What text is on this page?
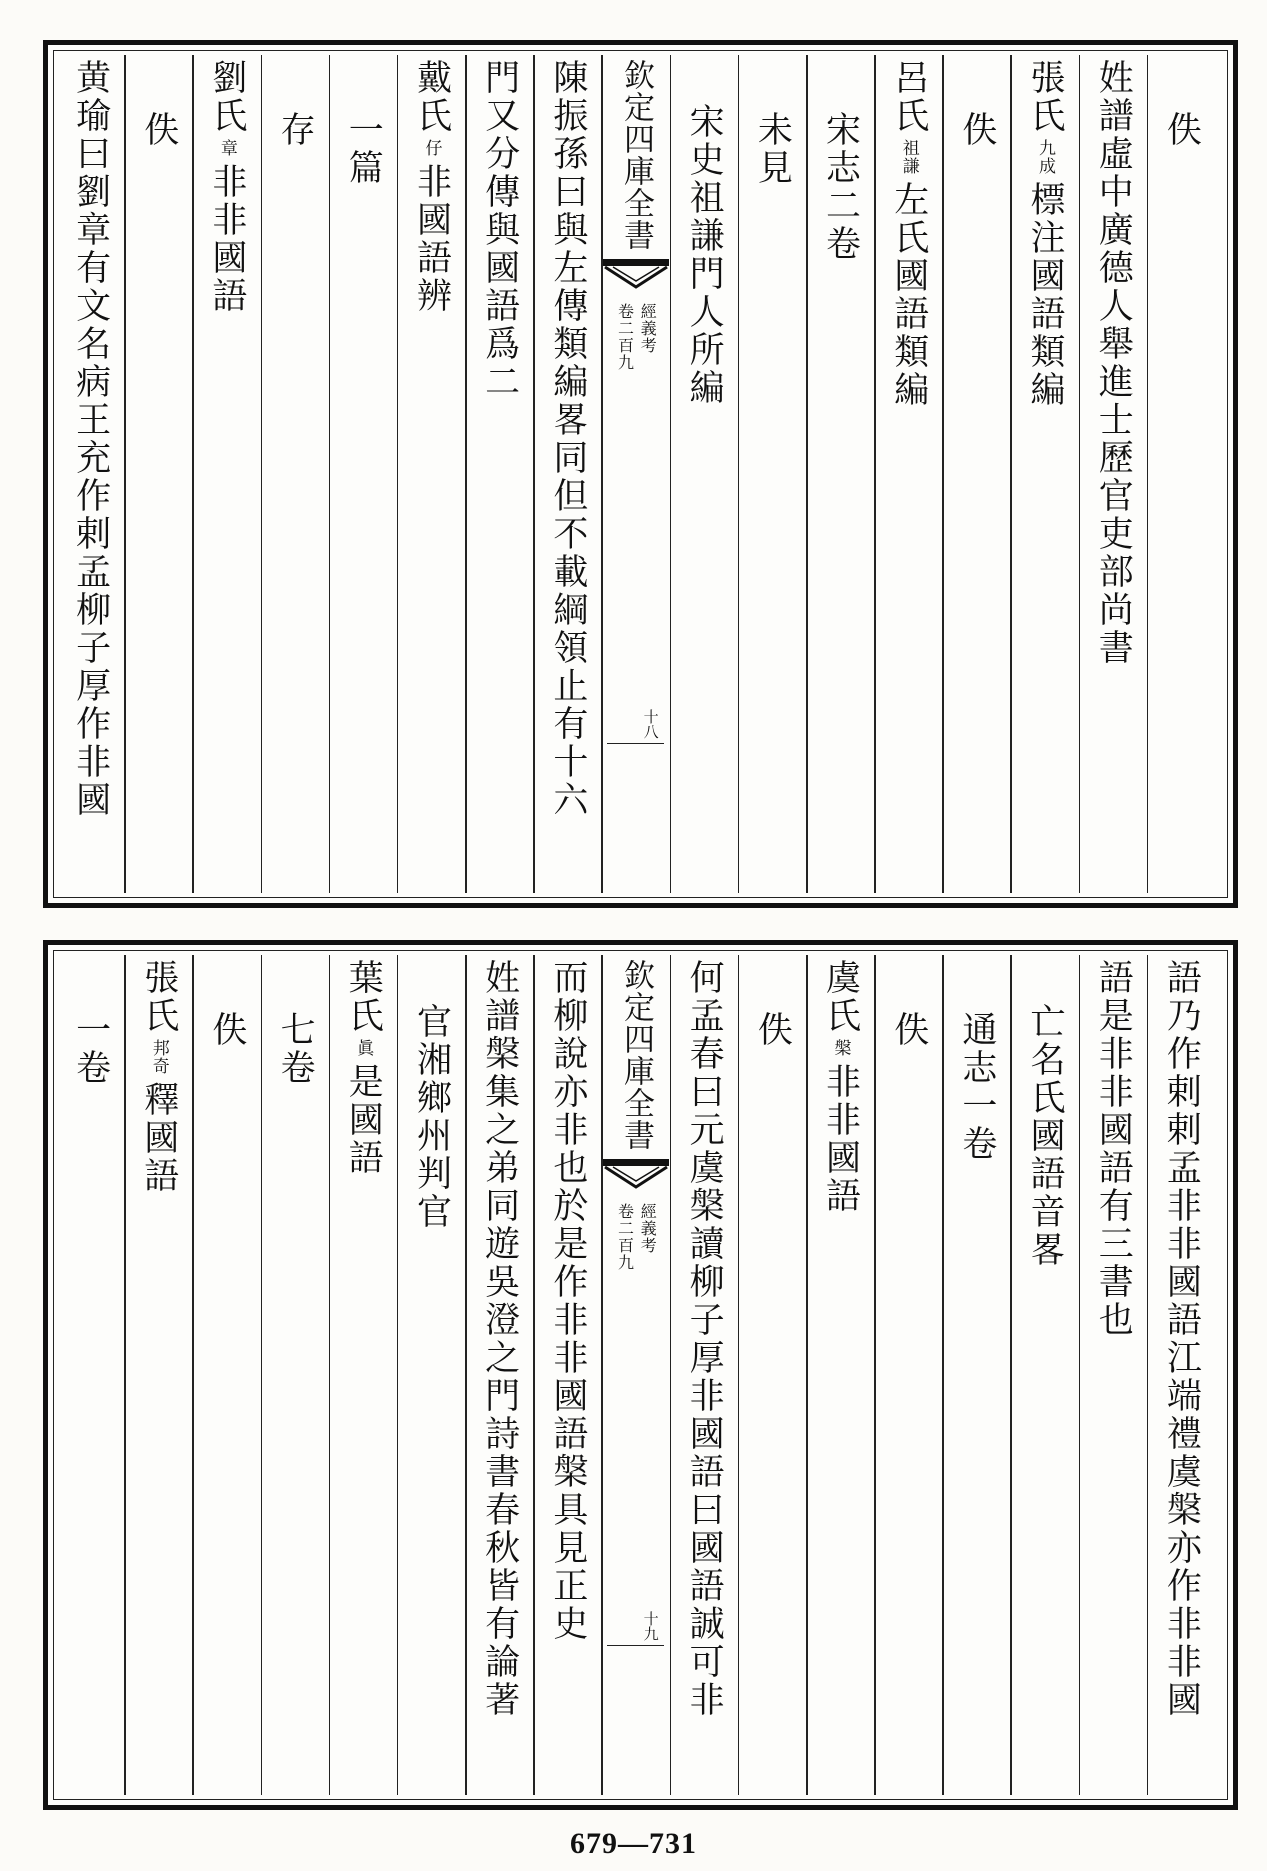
佚
姓譜虛中廣德人舉進士歷官吏部尚書
張氏
九成
標注國語類編
佚
呂氏
祖謙
左氏國語類編
宋志二卷
未見
宋史祖謙門人所編
欽定四庫全書
經義考
卷二百九
十八
陳振孫曰與左傳類編畧同但不載綱領止有十六
門又分傳與國語爲二
戴氏
仔
非國語辨
一篇
存
劉氏
章
非非國語
佚
黄瑜曰劉章有文名病王充作剌孟柳子厚作非國
語乃作剌剌孟非非國語江端禮虞槃亦作非非國
語是非非國語有三書也
亡名氏國語音畧
通志一卷
佚
虞氏
槃
非非國語
佚
何孟春曰元虞槃讀柳子厚非國語曰國語誠可非
欽定四庫全書
經義考
卷二百九
十九
而柳說亦非也於是作非非國語槃具見正史
姓譜槃集之弟同遊吳澄之門詩書春秋皆有論著
官湘鄉州判官
葉氏
眞
是國語
七卷
佚
張氏
邦奇
釋國語
一卷
679—731
